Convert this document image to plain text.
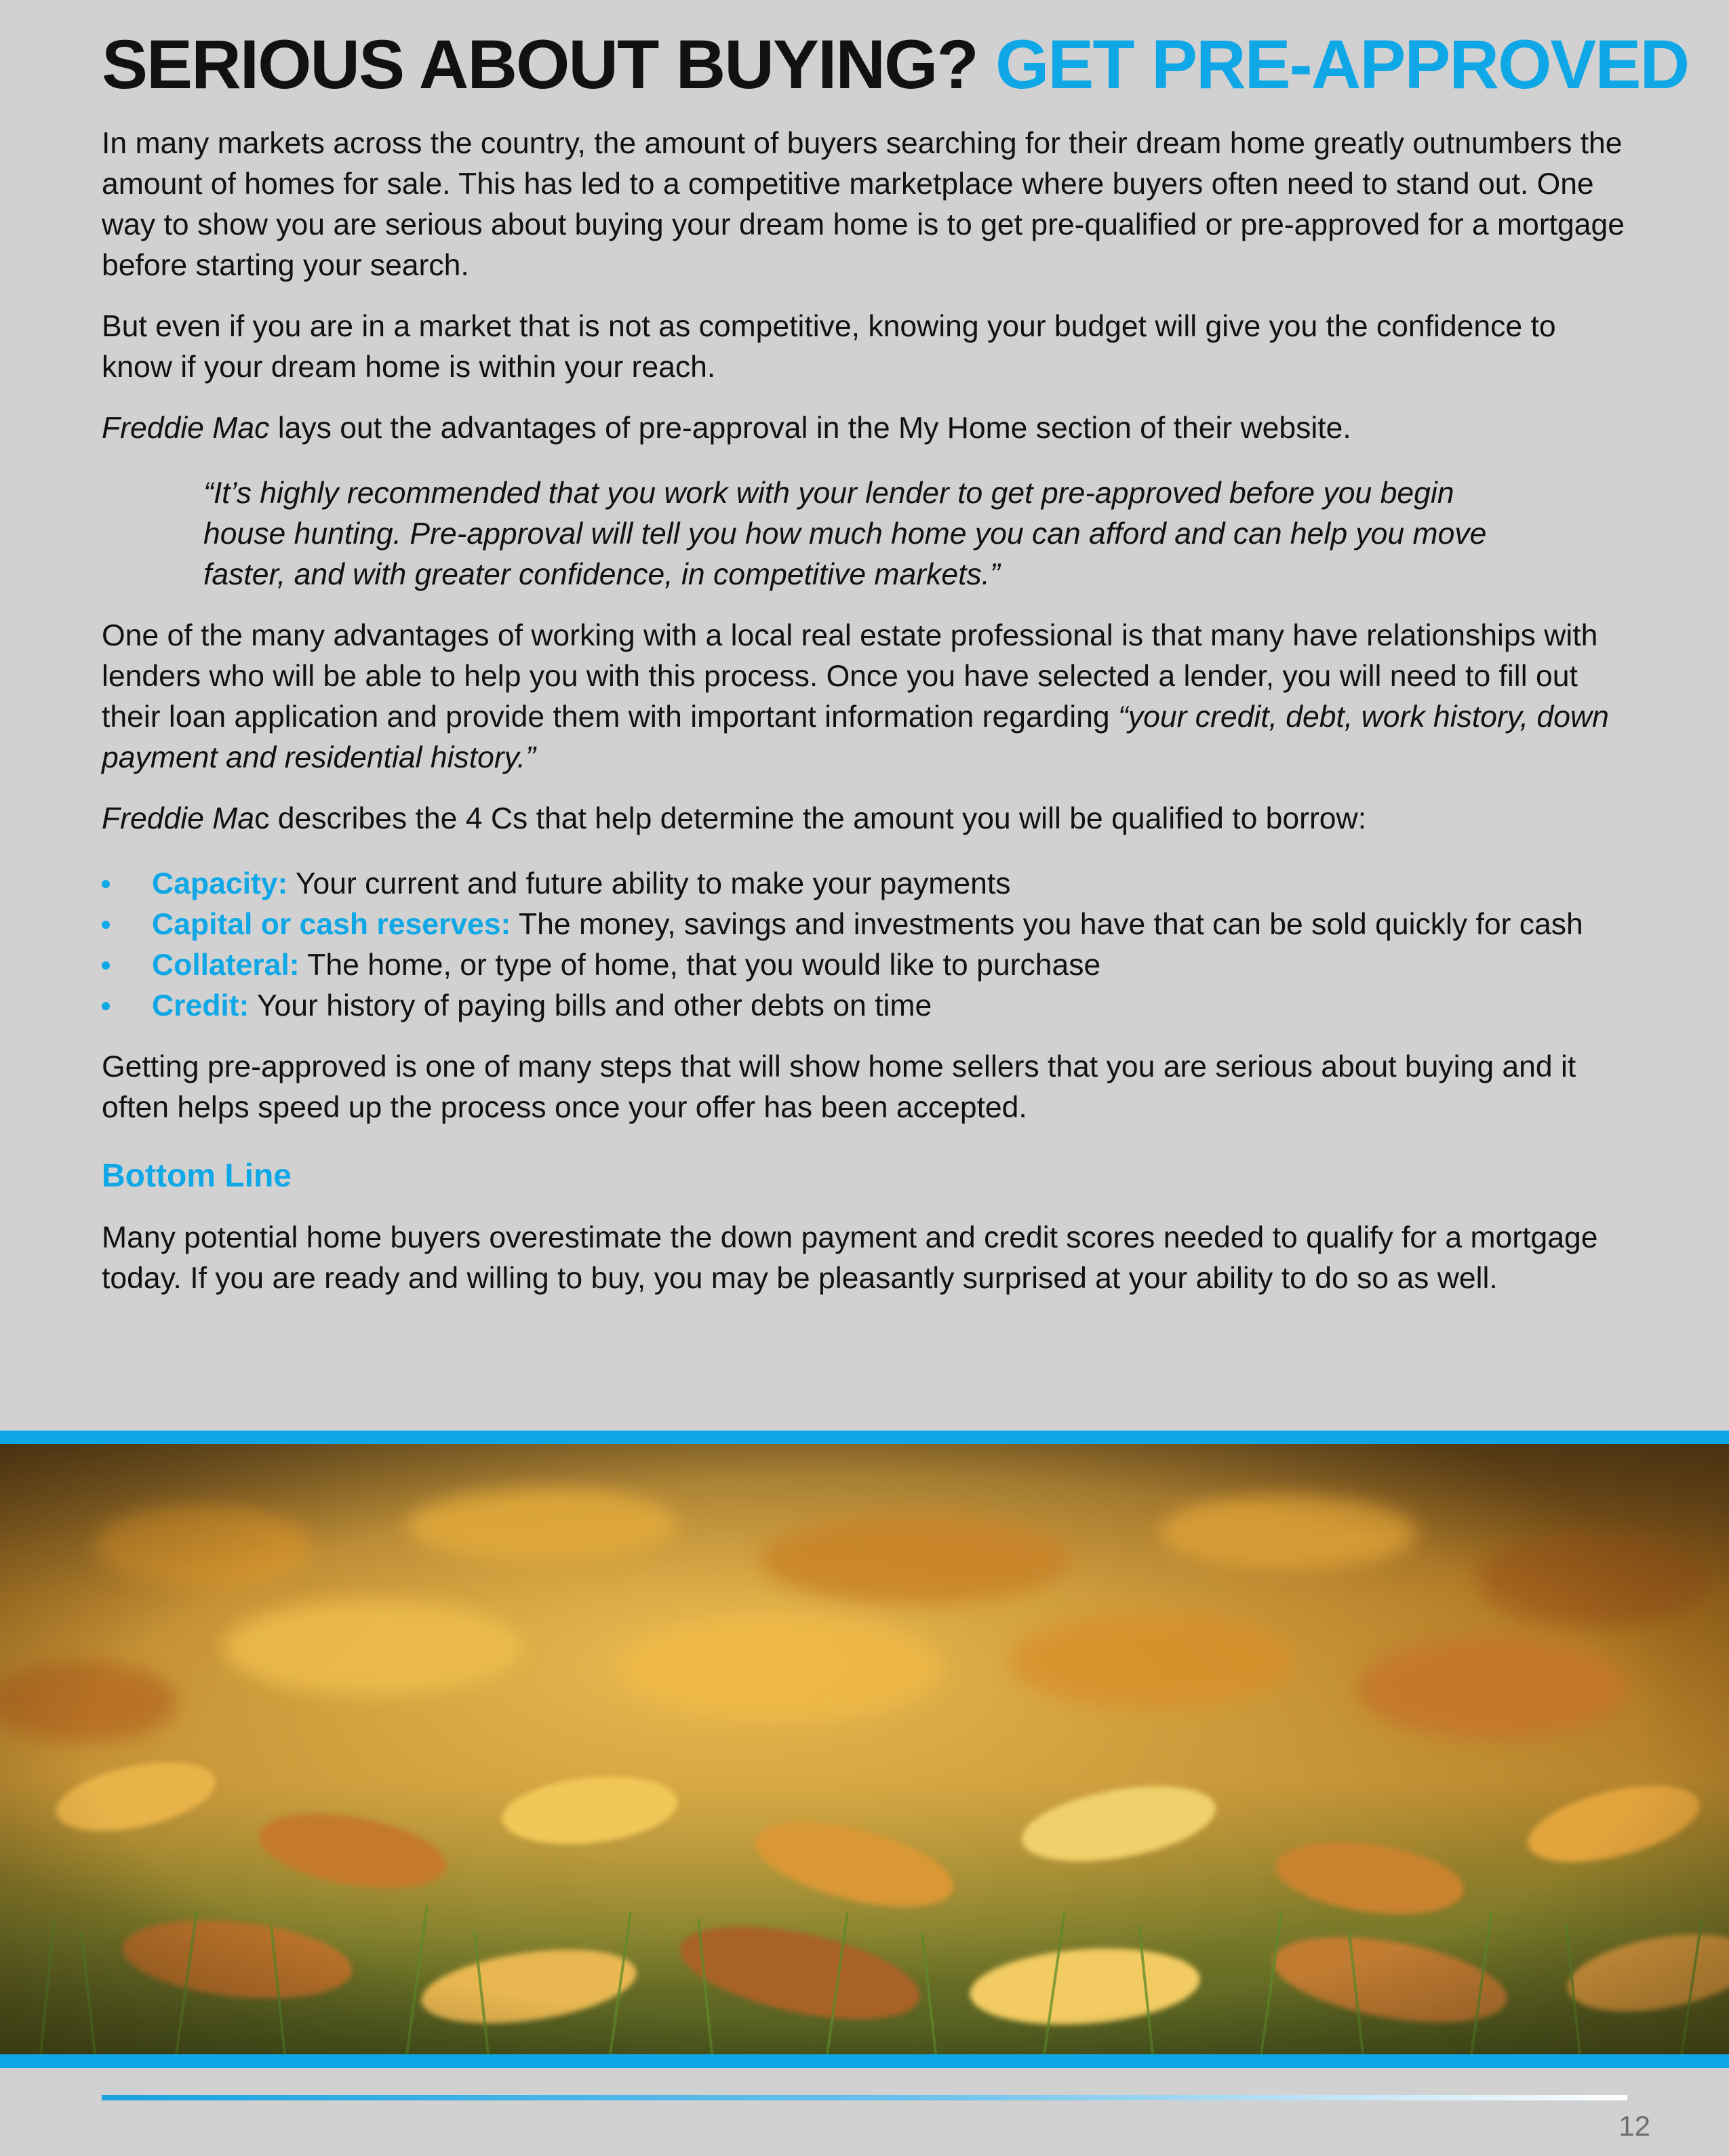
SERIOUS ABOUT BUYING? GET PRE-APPROVED

In many markets across the country, the amount of buyers searching for their dream home greatly outnumbers the amount of homes for sale. This has led to a competitive marketplace where buyers often need to stand out. One way to show you are serious about buying your dream home is to get pre-qualified or pre-approved for a mortgage before starting your search.

But even if you are in a market that is not as competitive, knowing your budget will give you the confidence to know if your dream home is within your reach.

Freddie Mac lays out the advantages of pre-approval in the My Home section of their website.

“It’s highly recommended that you work with your lender to get pre-approved before you begin house hunting. Pre-approval will tell you how much home you can afford and can help you move faster, and with greater confidence, in competitive markets.”

One of the many advantages of working with a local real estate professional is that many have relationships with lenders who will be able to help you with this process. Once you have selected a lender, you will need to fill out their loan application and provide them with important information regarding “your credit, debt, work history, down payment and residential history.”

Freddie Mac describes the 4 Cs that help determine the amount you will be qualified to borrow:

Capacity: Your current and future ability to make your payments
Capital or cash reserves: The money, savings and investments you have that can be sold quickly for cash
Collateral: The home, or type of home, that you would like to purchase
Credit: Your history of paying bills and other debts on time

Getting pre-approved is one of many steps that will show home sellers that you are serious about buying and it often helps speed up the process once your offer has been accepted.

Bottom Line

Many potential home buyers overestimate the down payment and credit scores needed to qualify for a mortgage today. If you are ready and willing to buy, you may be pleasantly surprised at your ability to do so as well.

12
